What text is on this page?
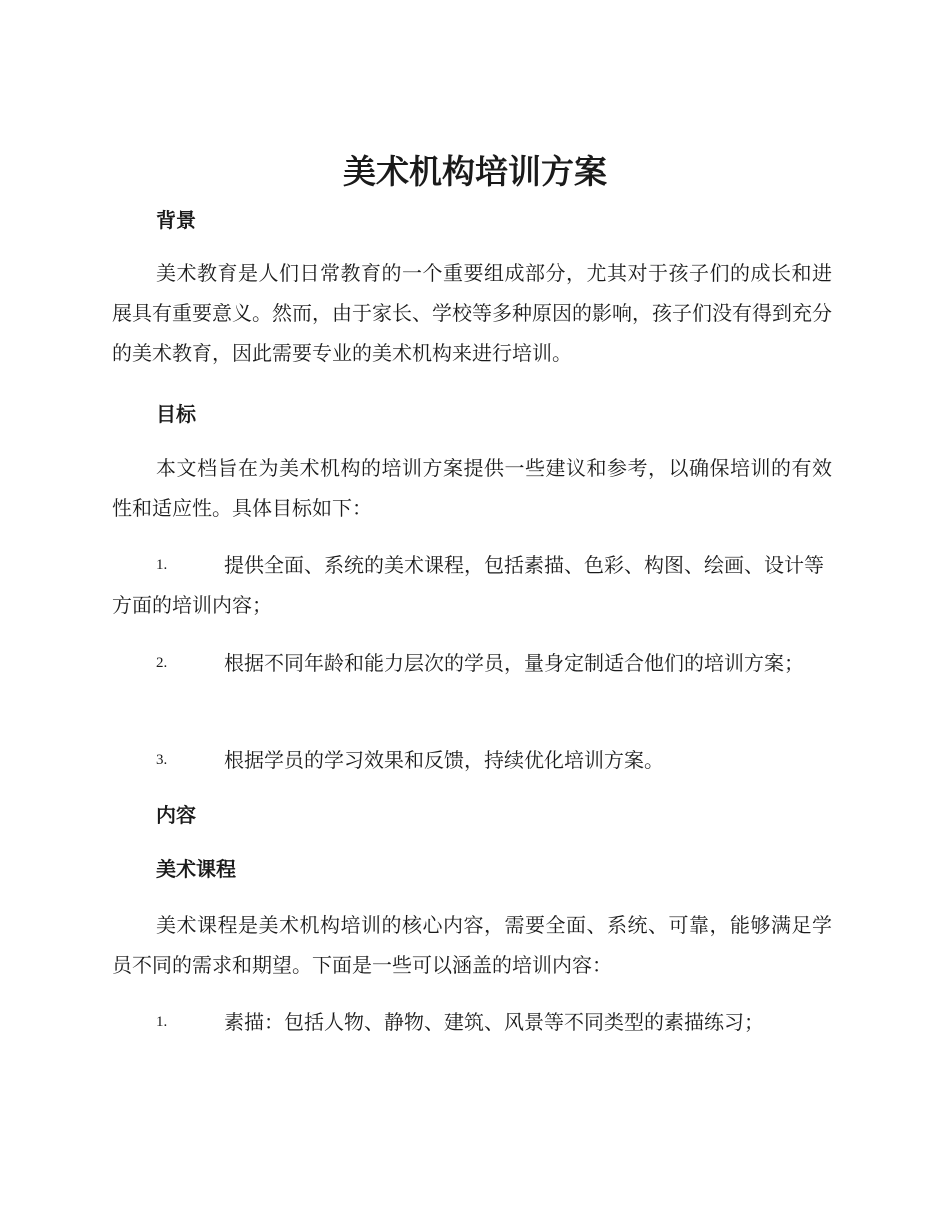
美术机构培训方案
背景

美术教育是人们日常教育的一个重要组成部分，尤其对于孩子们的成长和进展具有重要意义。然而，由于家长、学校等多种原因的影响，孩子们没有得到充分的美术教育，因此需要专业的美术机构来进行培训。

目标

本文档旨在为美术机构的培训方案提供一些建议和参考，以确保培训的有效性和适应性。具体目标如下：

1.	提供全面、系统的美术课程，包括素描、色彩、构图、绘画、设计等方面的培训内容；

2.	根据不同年龄和能力层次的学员，量身定制适合他们的培训方案；

3.	根据学员的学习效果和反馈，持续优化培训方案。

内容
美术课程

美术课程是美术机构培训的核心内容，需要全面、系统、可靠，能够满足学员不同的需求和期望。下面是一些可以涵盖的培训内容：

1.	素描：包括人物、静物、建筑、风景等不同类型的素描练习；
